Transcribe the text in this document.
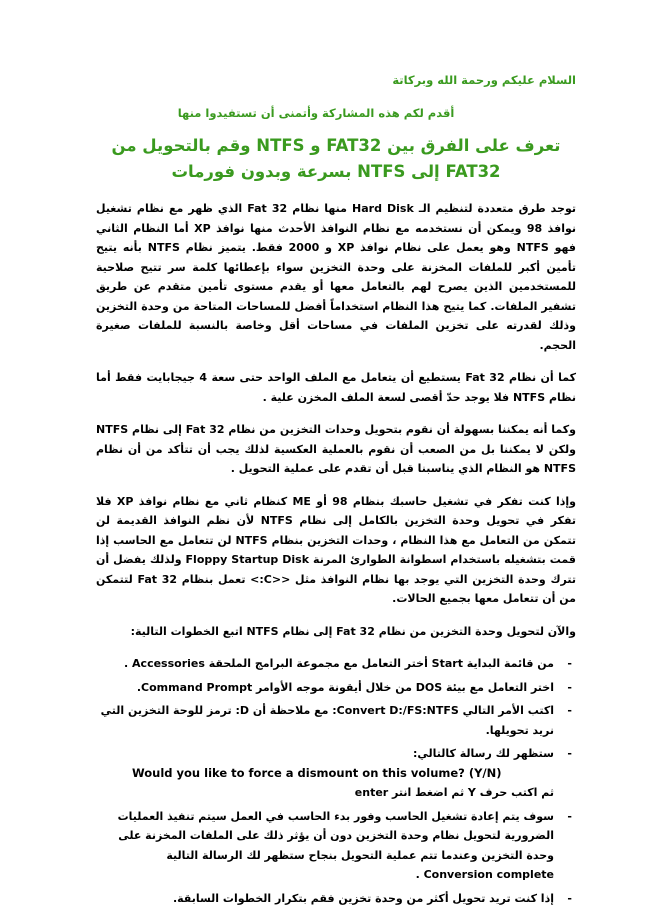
السلام عليكم ورحمة الله وبركاتة
أقدم لكم هذه المشاركة وأتمنى أن تستفيدوا منها
تعرف على الفرق بين FAT32 و NTFS وقم بالتحويل من FAT32 إلى NTFS بسرعة وبدون فورمات

توجد طرق متعددة لتنظيم الـ Hard Disk منها نظام Fat 32 الذي ظهر مع نظام تشغيل نوافذ 98 ويمكن أن نستخدمه مع نظام النوافذ الأحدث منها نوافذ XP أما النظام الثاني فهو NTFS وهو يعمل على نظام نوافذ XP و 2000 فقط. يتميز نظام NTFS بأنه يتيح تأمين أكبر للملفات المخزنة على وحدة التخزين سواء بإعطائها كلمة سر تتيح صلاحية للمستخدمين الذين يصرح لهم بالتعامل معها أو يقدم مستوى تأمين متقدم عن طريق تشفير الملفات. كما يتيح هذا النظام استخداماً أفضل للمساحات المتاحة من وحدة التخزين وذلك لقدرته على تخزين الملفات في مساحات أقل وخاصة بالنسبة للملفات صغيرة الحجم.

كما أن نظام Fat 32 يستطيع أن يتعامل مع الملف الواحد حتى سعة 4 جيجابايت فقط أما نظام NTFS فلا يوجد حدّ أقصى لسعة الملف المخزن علية .

وكما أنه يمكننا بسهولة أن نقوم بتحويل وحدات التخزين من نظام Fat 32 إلى نظام NTFS ولكن لا يمكننا بل من الصعب أن نقوم بالعملية العكسية لذلك يجب أن تتأكد من أن نظام NTFS هو النظام الذي يناسبنا قبل أن تقدم على عملية التحويل .

وإذا كنت تفكر في تشغيل حاسبك بنظام 98 أو ME كنظام ثاني مع نظام نوافذ XP فلا تفكر في تحويل وحدة التخزين بالكامل إلى نظام NTFS لأن نظم النوافذ القديمة لن تتمكن من التعامل مع هذا النظام ، وحدات التخزين بنظام NTFS لن تتعامل مع الحاسب إذا قمت بتشغيله باستخدام اسطوانة الطوارئ المرنة Floppy Startup Disk ولذلك يفضل أن تترك وحدة التخزين التي يوجد بها نظام النوافذ مثل <<C:> تعمل بنظام Fat 32 لتتمكن من أن تتعامل معها بجميع الحالات.

والآن لتحويل وحدة التخزين من نظام Fat 32 إلى نظام NTFS اتبع الخطوات التالية:

-
من قائمة البداية Start أختر التعامل مع مجموعة البرامج الملحقة Accessories .
-
اختر التعامل مع بيئة DOS من خلال أيقونة موجه الأوامر Command Prompt.
-
اكتب الأمر التالي Convert D:/FS:NTFS: مع ملاحظة أن D: ترمز للوحة التخزين التي نريد تحويلها.
-
ستظهر لك رسالة كالتالي:
Would you like to force a dismount on this volume? (Y/N)
ثم اكتب حرف Y ثم اضغط انتر enter
-
سوف يتم إعادة تشغيل الحاسب وفور بدء الحاسب في العمل سيتم تنفيذ العمليات الضرورية لتحويل نظام وحدة التخزين دون أن يؤثر ذلك على الملفات المخزنة على وحدة التخزين وعندما تتم عملية التحويل بنجاح ستظهر لك الرسالة التالية Conversion complete .
-
إذا كنت تريد تحويل أكثر من وحدة تخزين فقم بتكرار الخطوات السابقة.
